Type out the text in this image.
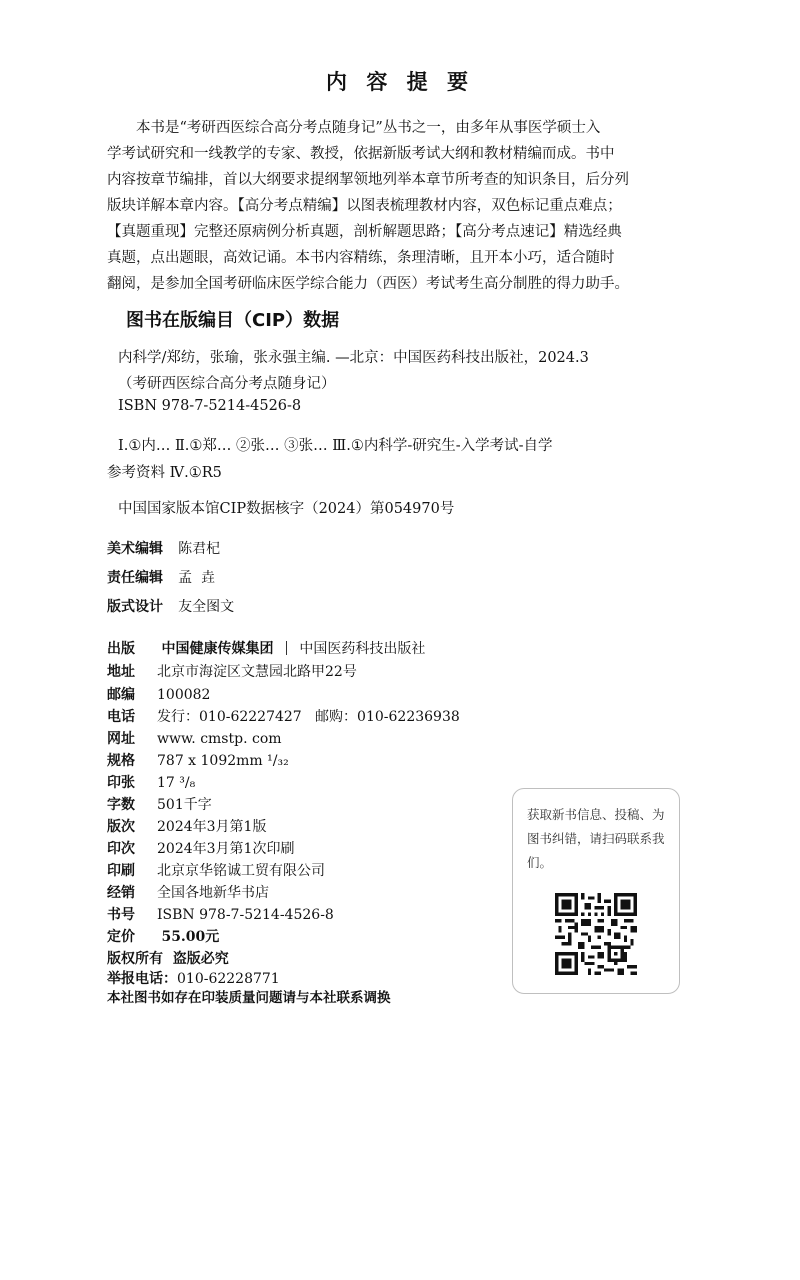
内 容 提 要
本书是“考研西医综合高分考点随身记”丛书之一，由多年从事医学硕士入
学考试研究和一线教学的专家、教授，依据新版考试大纲和教材精编而成。书中
内容按章节编排，首以大纲要求提纲挈领地列举本章节所考查的知识条目，后分列
版块详解本章内容。【高分考点精编】以图表梳理教材内容，双色标记重点难点；
【真题重现】完整还原病例分析真题，剖析解题思路；【高分考点速记】精选经典
真题，点出题眼，高效记诵。本书内容精练，条理清晰，且开本小巧，适合随时
翻阅，是参加全国考研临床医学综合能力（西医）考试考生高分制胜的得力助手。
图书在版编目（CIP）数据
内科学/郑纺，张瑜，张永强主编. —北京：中国医药科技出版社，2024.3
（考研西医综合高分考点随身记）
ISBN 978-7-5214-4526-8
Ⅰ.①内… Ⅱ.①郑… ②张… ③张… Ⅲ.①内科学-研究生-入学考试-自学
参考资料 Ⅳ.①R5
中国国家版本馆CIP数据核字（2024）第054970号
美术编辑 陈君杞
责任编辑 孟  垚
版式设计 友全图文
出版 中国健康传媒集团 中国医药科技出版社
地址 北京市海淀区文慧园北路甲22号
邮编 100082
电话 发行：010-62227427   邮购：010-62236938
网址 www. cmstp. com
规格 787 x 1092mm ¹/₃₂
印张 17 ³/₈
字数 501千字
版次 2024年3月第1版
印次 2024年3月第1次印刷
印刷 北京京华铭诚工贸有限公司
经销 全国各地新华书店
书号 ISBN 978-7-5214-4526-8
定价 55.00元
版权所有  盗版必究
举报电话：010-62228771
本社图书如存在印装质量问题请与本社联系调换
获取新书信息、投稿、为图书纠错，请扫码联系我们。
